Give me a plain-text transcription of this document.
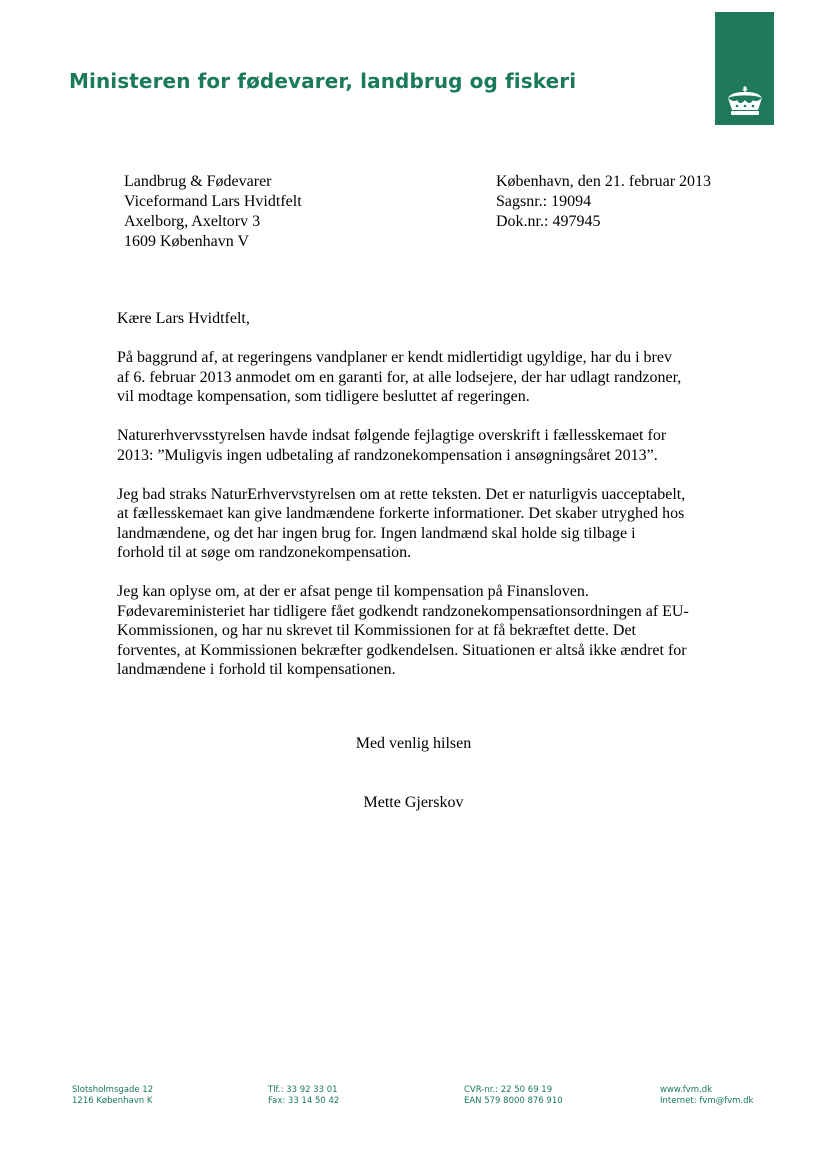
Ministeren for fødevarer, landbrug og fiskeri
Landbrug & Fødevarer
Viceformand Lars Hvidtfelt
Axelborg, Axeltorv 3
1609 København V
København, den 21. februar 2013
Sagsnr.: 19094
Dok.nr.: 497945

Kære Lars Hvidtfelt,

På baggrund af, at regeringens vandplaner er kendt midlertidigt ugyldige, har du i brev
af 6. februar 2013 anmodet om en garanti for, at alle lodsejere, der har udlagt randzoner,
vil modtage kompensation, som tidligere besluttet af regeringen.

Naturerhvervsstyrelsen havde indsat følgende fejlagtige overskrift i fællesskemaet for
2013: ”Muligvis ingen udbetaling af randzonekompensation i ansøgningsåret 2013”.

Jeg bad straks NaturErhvervstyrelsen om at rette teksten. Det er naturligvis uacceptabelt,
at fællesskemaet kan give landmændene forkerte informationer. Det skaber utryghed hos
landmændene, og det har ingen brug for. Ingen landmænd skal holde sig tilbage i
forhold til at søge om randzonekompensation.

Jeg kan oplyse om, at der er afsat penge til kompensation på Finansloven.
Fødevareministeriet har tidligere fået godkendt randzonekompensationsordningen af EU-
Kommissionen, og har nu skrevet til Kommissionen for at få bekræftet dette. Det
forventes, at Kommissionen bekræfter godkendelsen. Situationen er altså ikke ændret for
landmændene i forhold til kompensationen.

Med venlig hilsen
Mette Gjerskov
Slotsholmsgade 12
1216 København K
Tlf.: 33 92 33 01
Fax: 33 14 50 42
CVR-nr.: 22 50 69 19
EAN 579 8000 876 910
www.fvm.dk
Internet: fvm@fvm.dk
